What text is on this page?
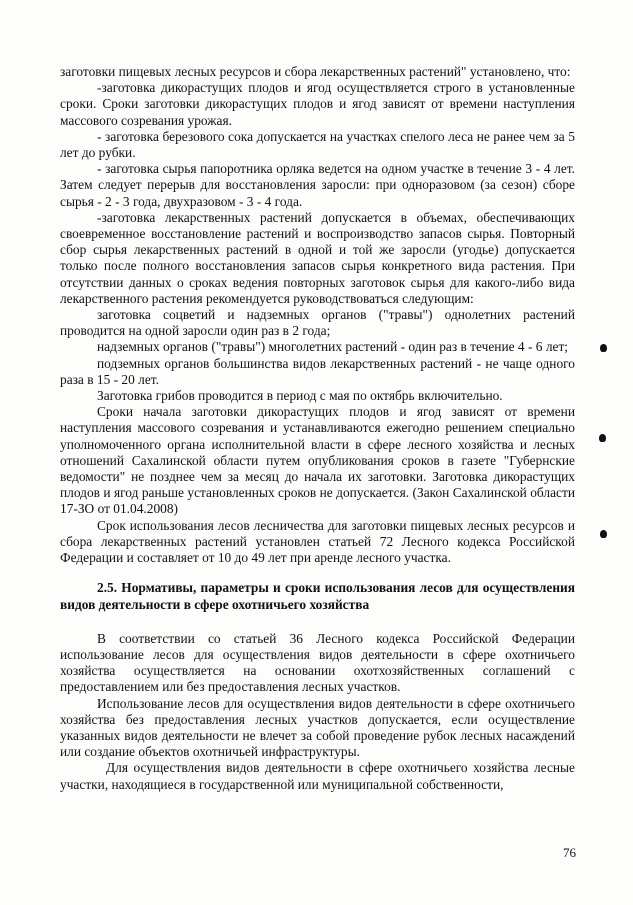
заготовки пищевых лесных ресурсов и сбора лекарственных растений" установлено, что:

-заготовка дикорастущих плодов и ягод осуществляется строго в установленные сроки. Сроки заготовки дикорастущих плодов и ягод зависят от времени наступления массового созревания урожая.

- заготовка березового сока допускается на участках спелого леса не ранее чем за 5 лет до рубки.

- заготовка сырья папоротника орляка ведется на одном участке в течение 3 - 4 лет. Затем следует перерыв для восстановления заросли: при одноразовом (за сезон) сборе сырья - 2 - 3 года, двухразовом - 3 - 4 года.

-заготовка лекарственных растений допускается в объемах, обеспечивающих своевременное восстановление растений и воспроизводство запасов сырья. Повторный сбор сырья лекарственных растений в одной и той же заросли (угодье) допускается только после полного восстановления запасов сырья конкретного вида растения. При отсутствии данных о сроках ведения повторных заготовок сырья для какого-либо вида лекарственного растения рекомендуется руководствоваться следующим:

заготовка соцветий и надземных органов ("травы") однолетних растений проводится на одной заросли один раз в 2 года;

надземных органов ("травы") многолетних растений - один раз в течение 4 - 6 лет;

подземных органов большинства видов лекарственных растений - не чаще одного раза в 15 - 20 лет.

Заготовка грибов проводится в период с мая по октябрь включительно.

Сроки начала заготовки дикорастущих плодов и ягод зависят от времени наступления массового созревания и устанавливаются ежегодно решением специально уполномоченного органа исполнительной власти в сфере лесного хозяйства и лесных отношений Сахалинской области путем опубликования сроков в газете "Губернские ведомости" не позднее чем за месяц до начала их заготовки. Заготовка дикорастущих плодов и ягод раньше установленных сроков не допускается. (Закон Сахалинской области 17-ЗО от 01.04.2008)

Срок использования лесов лесничества для заготовки пищевых лесных ресурсов и сбора лекарственных растений установлен статьей 72 Лесного кодекса Российской Федерации и составляет от 10 до 49 лет при аренде лесного участка.

2.5. Нормативы, параметры и сроки использования лесов для осуществления видов деятельности в сфере охотничьего хозяйства

В соответствии со статьей 36 Лесного кодекса Российской Федерации использование лесов для осуществления видов деятельности в сфере охотничьего хозяйства осуществляется на основании охотхозяйственных соглашений с предоставлением или без предоставления лесных участков.

Использование лесов для осуществления видов деятельности в сфере охотничьего хозяйства без предоставления лесных участков допускается, если осуществление указанных видов деятельности не влечет за собой проведение рубок лесных насаждений или создание объектов охотничьей инфраструктуры.

Для осуществления видов деятельности в сфере охотничьего хозяйства лесные участки, находящиеся в государственной или муниципальной собственности,

76
